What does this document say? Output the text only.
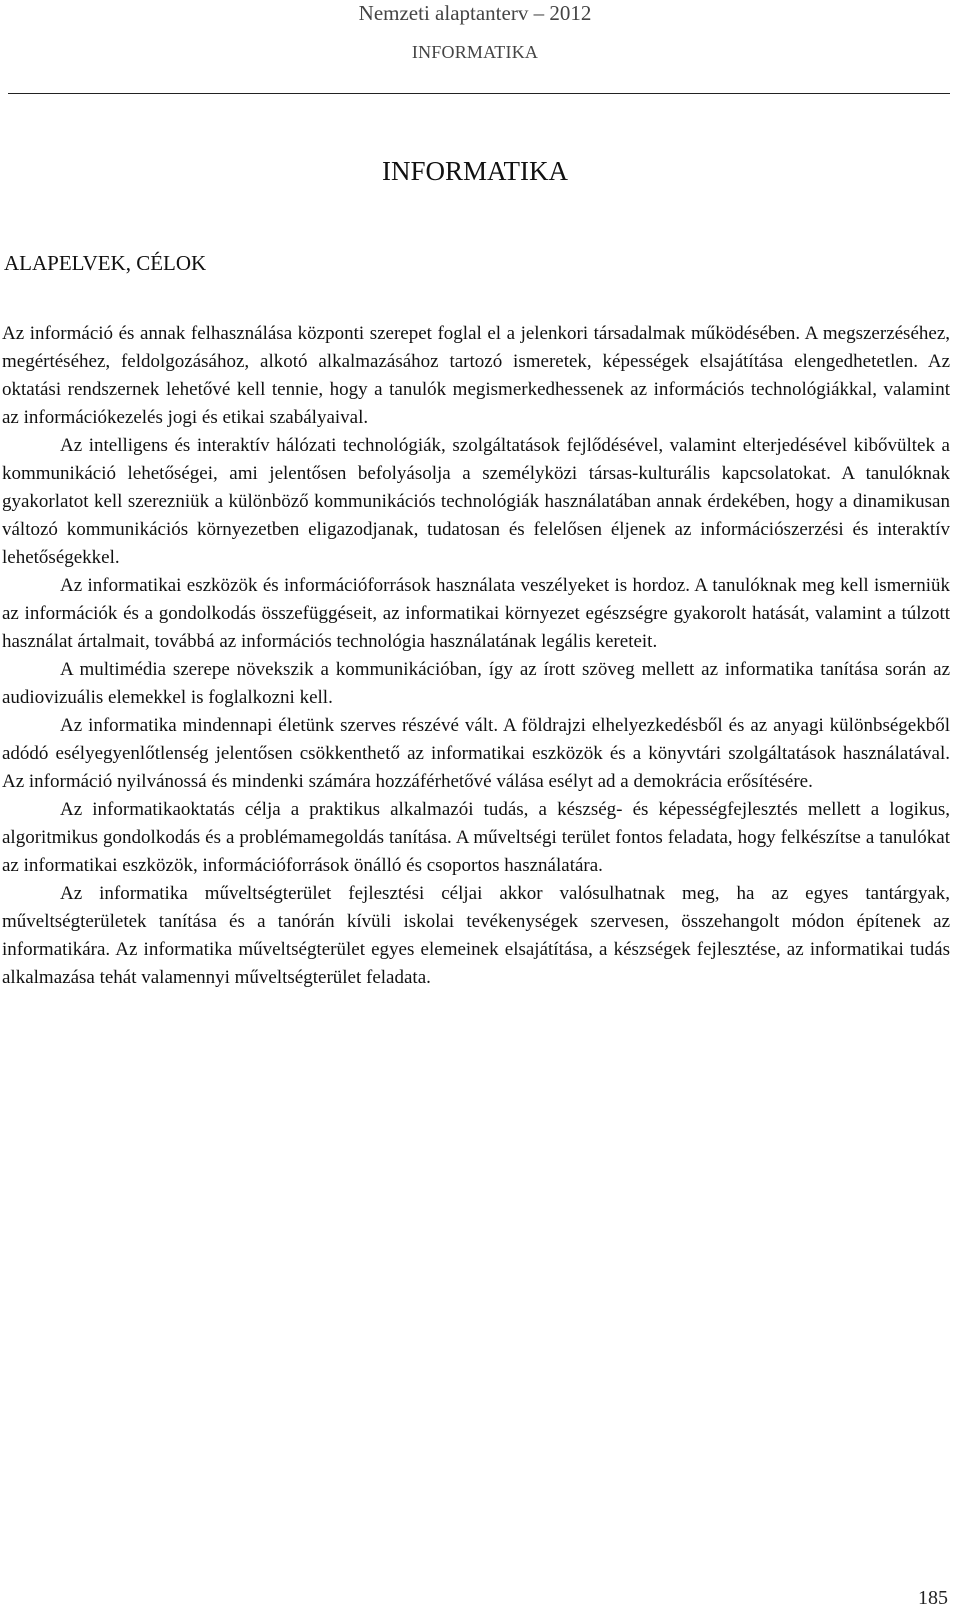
Nemzeti alaptanterv – 2012
INFORMATIKA
INFORMATIKA
ALAPELVEK, CÉLOK

Az információ és annak felhasználása központi szerepet foglal el a jelenkori társadalmak működésében. A megszerzéséhez, megértéséhez, feldolgozásához, alkotó alkalmazásához tartozó ismeretek, képességek elsajátítása elengedhetetlen. Az oktatási rendszernek lehetővé kell tennie, hogy a tanulók megismerkedhessenek az információs technológiákkal, valamint az információkezelés jogi és etikai szabályaival.

Az intelligens és interaktív hálózati technológiák, szolgáltatások fejlődésével, valamint elterjedésével kibővültek a kommunikáció lehetőségei, ami jelentősen befolyásolja a személyközi társas-kulturális kapcsolatokat. A tanulóknak gyakorlatot kell szerezniük a különböző kommunikációs technológiák használatában annak érdekében, hogy a dinamikusan változó kommunikációs környezetben eligazodjanak, tudatosan és felelősen éljenek az információszerzési és interaktív lehetőségekkel.

Az informatikai eszközök és információforrások használata veszélyeket is hordoz. A tanulóknak meg kell ismerniük az információk és a gondolkodás összefüggéseit, az informatikai környezet egészségre gyakorolt hatását, valamint a túlzott használat ártalmait, továbbá az információs technológia használatának legális kereteit.

A multimédia szerepe növekszik a kommunikációban, így az írott szöveg mellett az informatika tanítása során az audiovizuális elemekkel is foglalkozni kell.

Az informatika mindennapi életünk szerves részévé vált. A földrajzi elhelyezkedésből és az anyagi különbségekből adódó esélyegyenlőtlenség jelentősen csökkenthető az informatikai eszközök és a könyvtári szolgáltatások használatával. Az információ nyilvánossá és mindenki számára hozzáférhetővé válása esélyt ad a demokrácia erősítésére.

Az informatikaoktatás célja a praktikus alkalmazói tudás, a készség- és képességfejlesztés mellett a logikus, algoritmikus gondolkodás és a problémamegoldás tanítása. A műveltségi terület fontos feladata, hogy felkészítse a tanulókat az informatikai eszközök, információforrások önálló és csoportos használatára.

Az informatika műveltségterület fejlesztési céljai akkor valósulhatnak meg, ha az egyes tantárgyak, műveltségterületek tanítása és a tanórán kívüli iskolai tevékenységek szervesen, összehangolt módon építenek az informatikára. Az informatika műveltségterület egyes elemeinek elsajátítása, a készségek fejlesztése, az informatikai tudás alkalmazása tehát valamennyi műveltségterület feladata.

185
